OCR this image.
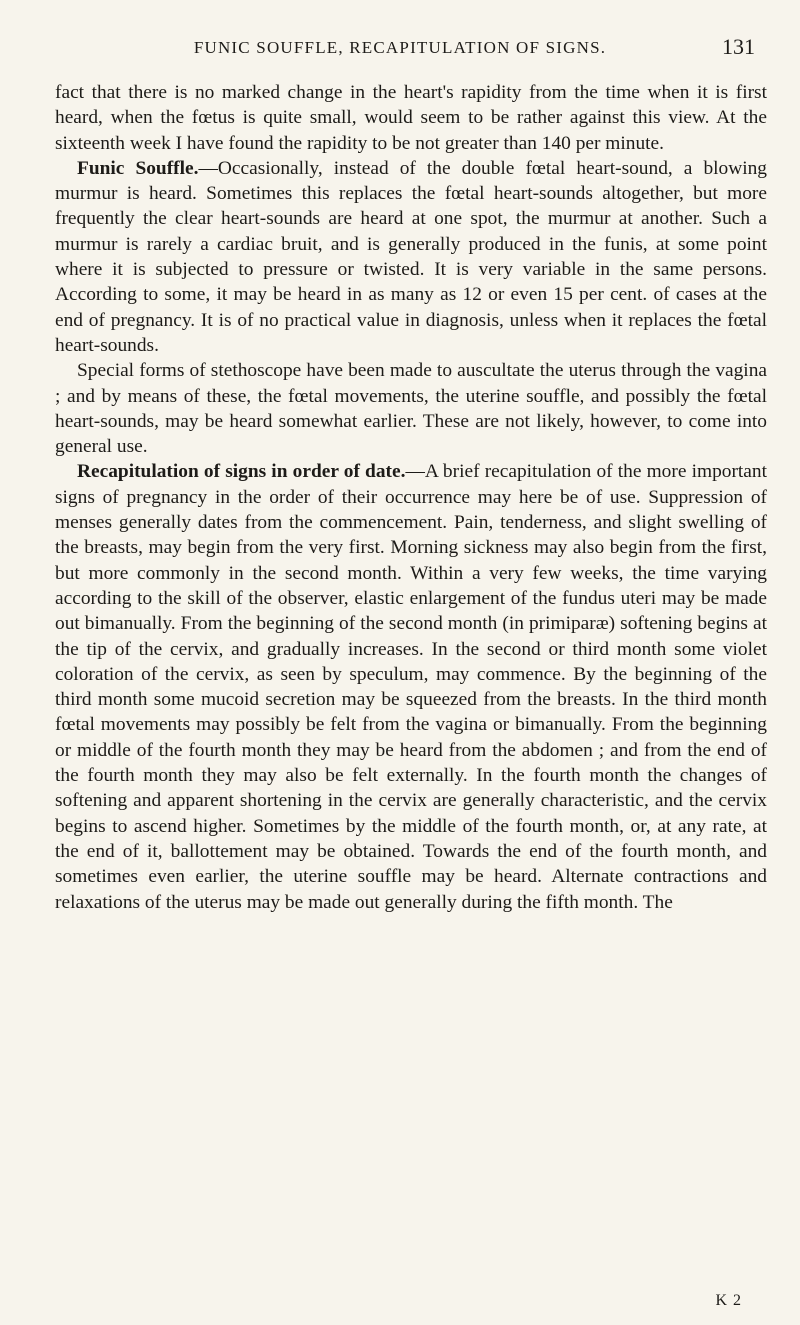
FUNIC SOUFFLE, RECAPITULATION OF SIGNS.	131

fact that there is no marked change in the heart's rapidity from the time when it is first heard, when the fœtus is quite small, would seem to be rather against this view. At the sixteenth week I have found the rapidity to be not greater than 140 per minute.

Funic Souffle.—Occasionally, instead of the double fœtal heart-sound, a blowing murmur is heard. Sometimes this replaces the fœtal heart-sounds altogether, but more frequently the clear heart-sounds are heard at one spot, the murmur at another. Such a murmur is rarely a cardiac bruit, and is generally produced in the funis, at some point where it is subjected to pressure or twisted. It is very variable in the same persons. According to some, it may be heard in as many as 12 or even 15 per cent. of cases at the end of pregnancy. It is of no practical value in diagnosis, unless when it replaces the fœtal heart-sounds.

Special forms of stethoscope have been made to auscultate the uterus through the vagina ; and by means of these, the fœtal movements, the uterine souffle, and possibly the fœtal heart-sounds, may be heard somewhat earlier. These are not likely, however, to come into general use.

Recapitulation of signs in order of date.—A brief recapitulation of the more important signs of pregnancy in the order of their occurrence may here be of use. Suppression of menses generally dates from the commencement. Pain, tenderness, and slight swelling of the breasts, may begin from the very first. Morning sickness may also begin from the first, but more commonly in the second month. Within a very few weeks, the time varying according to the skill of the observer, elastic enlargement of the fundus uteri may be made out bimanually. From the beginning of the second month (in primiparæ) softening begins at the tip of the cervix, and gradually increases. In the second or third month some violet coloration of the cervix, as seen by speculum, may commence. By the beginning of the third month some mucoid secretion may be squeezed from the breasts. In the third month fœtal movements may possibly be felt from the vagina or bimanually. From the beginning or middle of the fourth month they may be heard from the abdomen ; and from the end of the fourth month they may also be felt externally. In the fourth month the changes of softening and apparent shortening in the cervix are generally characteristic, and the cervix begins to ascend higher. Sometimes by the middle of the fourth month, or, at any rate, at the end of it, ballottement may be obtained. Towards the end of the fourth month, and sometimes even earlier, the uterine souffle may be heard. Alternate contractions and relaxations of the uterus may be made out generally during the fifth month. The

K 2
